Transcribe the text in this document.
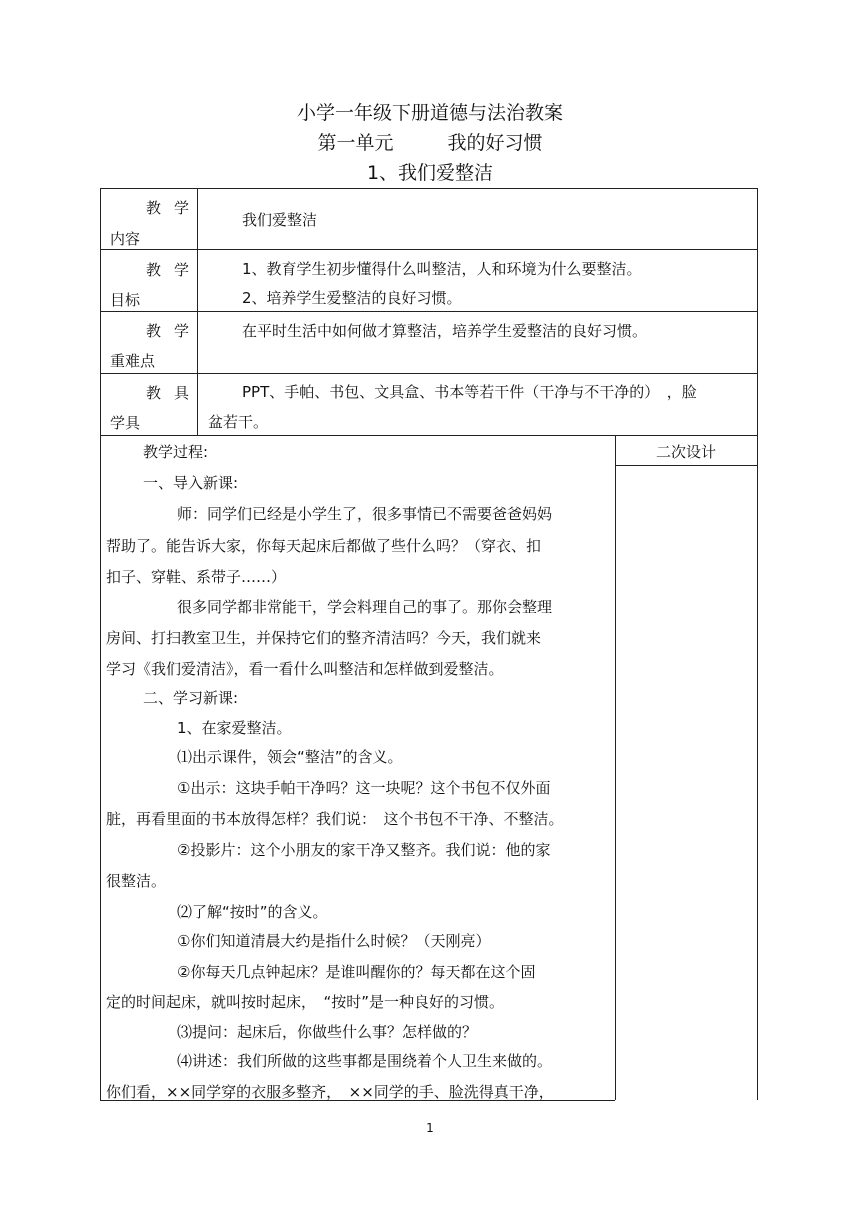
小学一年级下册道德与法治教案
第一单元	我的好习惯
1、我们爱整洁
教 学
内容
我们爱整洁
教 学
目标
1、教育学生初步懂得什么叫整洁，人和环境为什么要整洁。
2、培养学生爱整洁的良好习惯。
教 学
重难点
在平时生活中如何做才算整洁，培养学生爱整洁的良好习惯。
教 具
学具
PPT、手帕、书包、文具盒、书本等若干件（干净与不干净的）　，脸
盆若干。
教学过程:	二次设计
一、导入新课:
师：同学们已经是小学生了，很多事情已不需要爸爸妈妈
帮助了。能告诉大家，你每天起床后都做了些什么吗？（穿衣、扣
扣子、穿鞋、系带子……）
很多同学都非常能干，学会料理自己的事了。那你会整理
房间、打扫教室卫生，并保持它们的整齐清洁吗？今天，我们就来
学习《我们爱清洁》，看一看什么叫整洁和怎样做到爱整洁。
二、学习新课:
1、在家爱整洁。
⑴出示课件，领会“整洁”的含义。
①出示：这块手帕干净吗？这一块呢？这个书包不仅外面
脏，再看里面的书本放得怎样？我们说：　这个书包不干净、不整洁。
②投影片：这个小朋友的家干净又整齐。我们说：他的家
很整洁。
⑵了解“按时”的含义。
①你们知道清晨大约是指什么时候？（天刚亮）
②你每天几点钟起床？是谁叫醒你的？每天都在这个固
定的时间起床，就叫按时起床，　“按时”是一种良好的习惯。
⑶提问：起床后，你做些什么事？怎样做的？
⑷讲述：我们所做的这些事都是围绕着个人卫生来做的。
你们看，××同学穿的衣服多整齐，　××同学的手、脸洗得真干净，
1
